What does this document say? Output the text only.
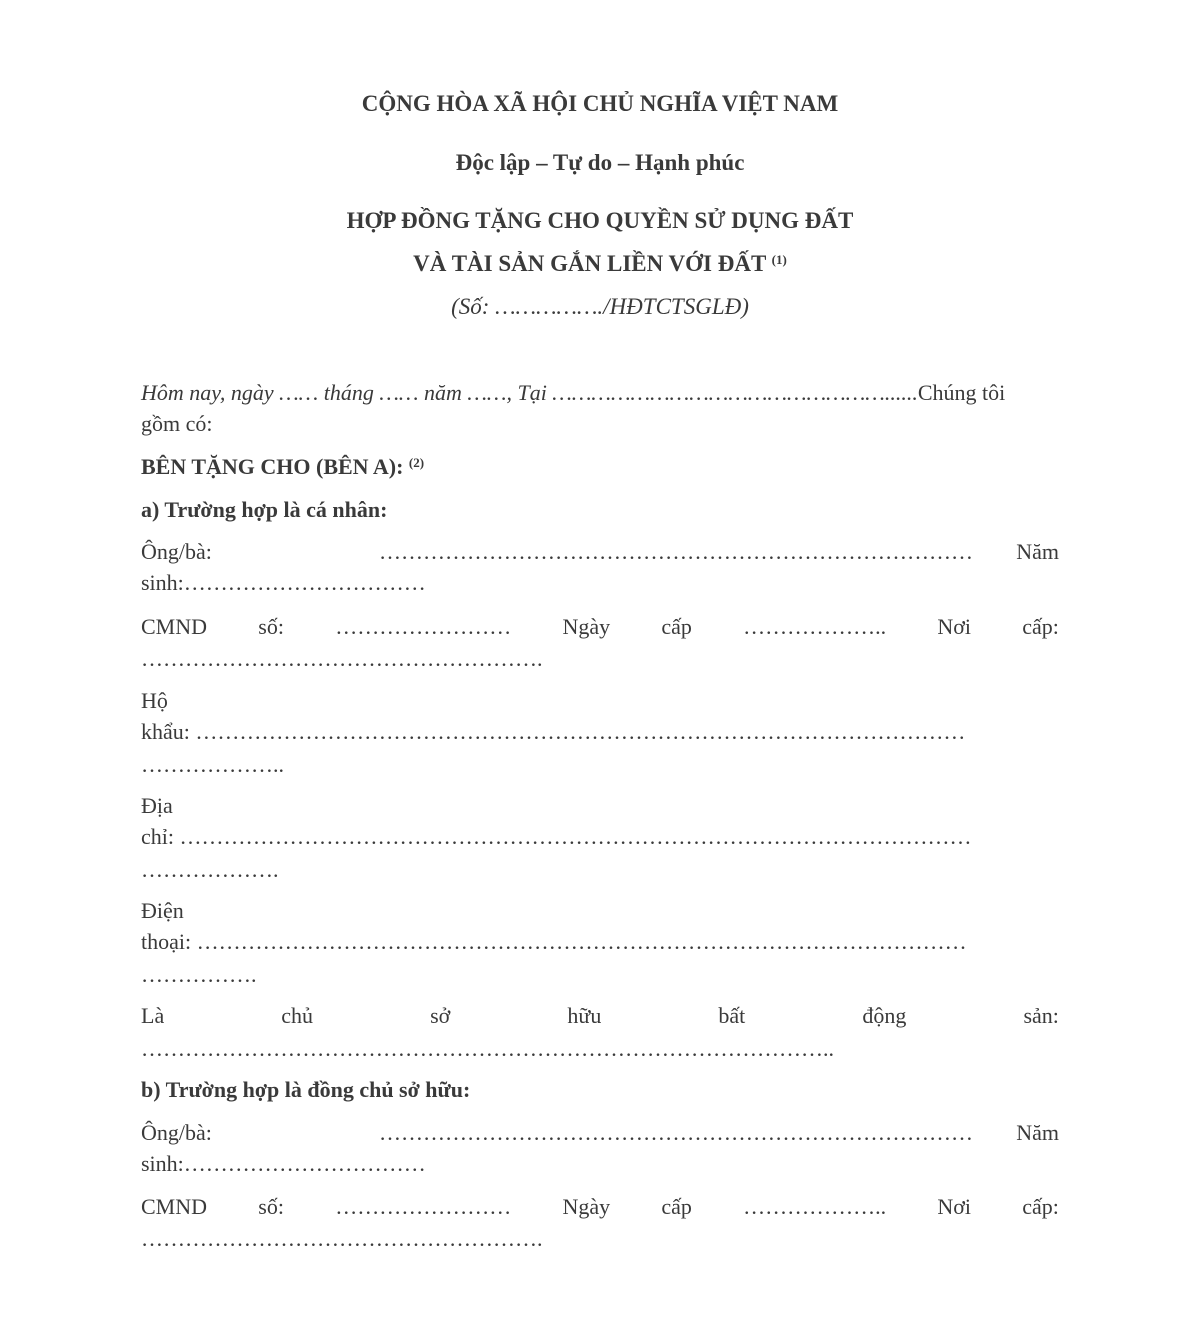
CỘNG HÒA XÃ HỘI CHỦ NGHĨA VIỆT NAM
Độc lập – Tự do – Hạnh phúc
HỢP ĐỒNG TẶNG CHO QUYỀN SỬ DỤNG ĐẤT
VÀ TÀI SẢN GẮN LIỀN VỚI ĐẤT $^{(1)}$
(Số: ……………./HĐTCTSGLĐ)
Hôm nay, ngày …… tháng …… năm ……, Tại ……………………………………………......Chúng tôi
gồm có:
BÊN TẶNG CHO (BÊN A): $^{(2)}$
a) Trường hợp là cá nhân:
Ông/bà:	………………………………………………………………………	Năm
sinh:……………………………
CMND số: …………………… Ngày cấp ……………….. Nơi cấp:
……………………………………………….
Hộ
khẩu: ……………………………………………………………………………………………
………………..
Địa
chỉ: ………………………………………………………………………………………………
……………….
Điện
thoại: ……………………………………………………………………………………………
…………….
Là	chủ	sở	hữu	bất	động	sản:
…………………………………………………………………………………..
b) Trường hợp là đồng chủ sở hữu:
Ông/bà:	………………………………………………………………………	Năm
sinh:……………………………
CMND số: …………………… Ngày cấp ……………….. Nơi cấp:
……………………………………………….
